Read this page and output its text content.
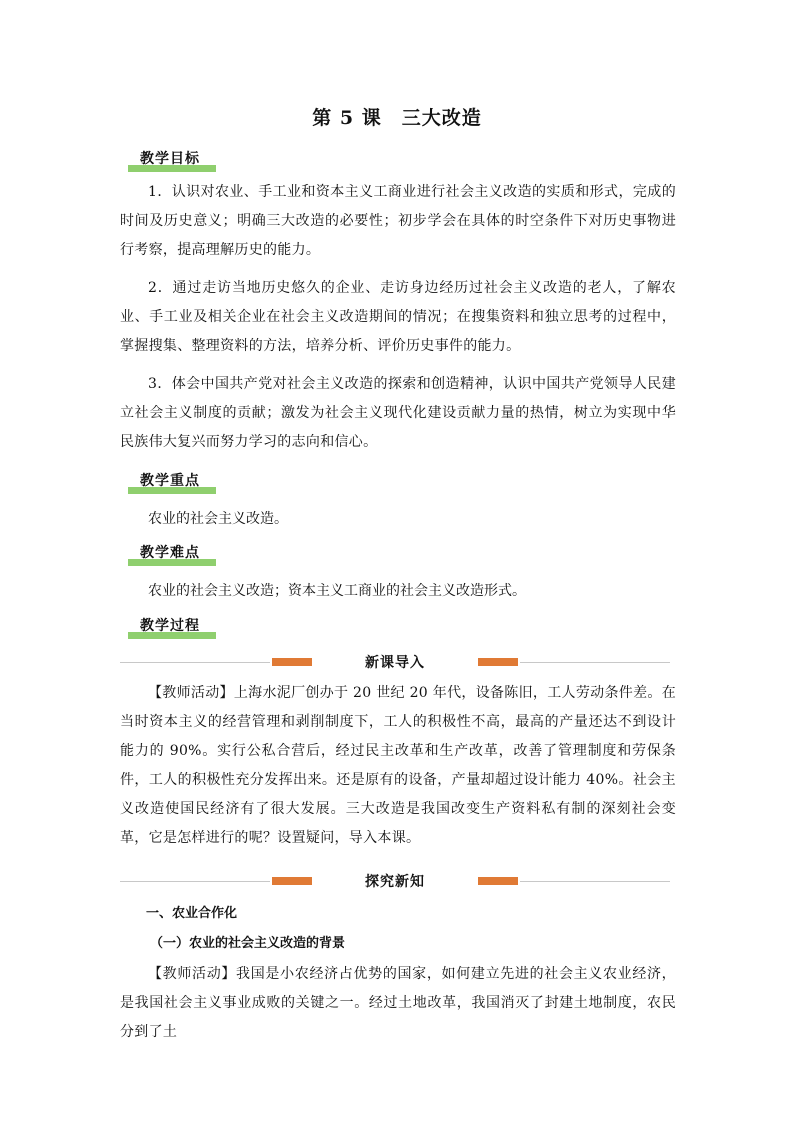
第 5 课　三大改造
教学目标
1．认识对农业、手工业和资本主义工商业进行社会主义改造的实质和形式，完成的时间及历史意义；明确三大改造的必要性；初步学会在具体的时空条件下对历史事物进行考察，提高理解历史的能力。
2．通过走访当地历史悠久的企业、走访身边经历过社会主义改造的老人，了解农业、手工业及相关企业在社会主义改造期间的情况；在搜集资料和独立思考的过程中，掌握搜集、整理资料的方法，培养分析、评价历史事件的能力。
3．体会中国共产党对社会主义改造的探索和创造精神，认识中国共产党领导人民建立社会主义制度的贡献；激发为社会主义现代化建设贡献力量的热情，树立为实现中华民族伟大复兴而努力学习的志向和信心。
教学重点
农业的社会主义改造。
教学难点
农业的社会主义改造；资本主义工商业的社会主义改造形式。
教学过程
新课导入
【教师活动】上海水泥厂创办于 20 世纪 20 年代，设备陈旧，工人劳动条件差。在当时资本主义的经营管理和剥削制度下，工人的积极性不高，最高的产量还达不到设计能力的 90%。实行公私合营后，经过民主改革和生产改革，改善了管理制度和劳保条件，工人的积极性充分发挥出来。还是原有的设备，产量却超过设计能力 40%。社会主义改造使国民经济有了很大发展。三大改造是我国改变生产资料私有制的深刻社会变革，它是怎样进行的呢？设置疑问，导入本课。
探究新知
一、农业合作化
（一）农业的社会主义改造的背景
【教师活动】我国是小农经济占优势的国家，如何建立先进的社会主义农业经济，是我国社会主义事业成败的关键之一。经过土地改革，我国消灭了封建土地制度，农民分到了土
